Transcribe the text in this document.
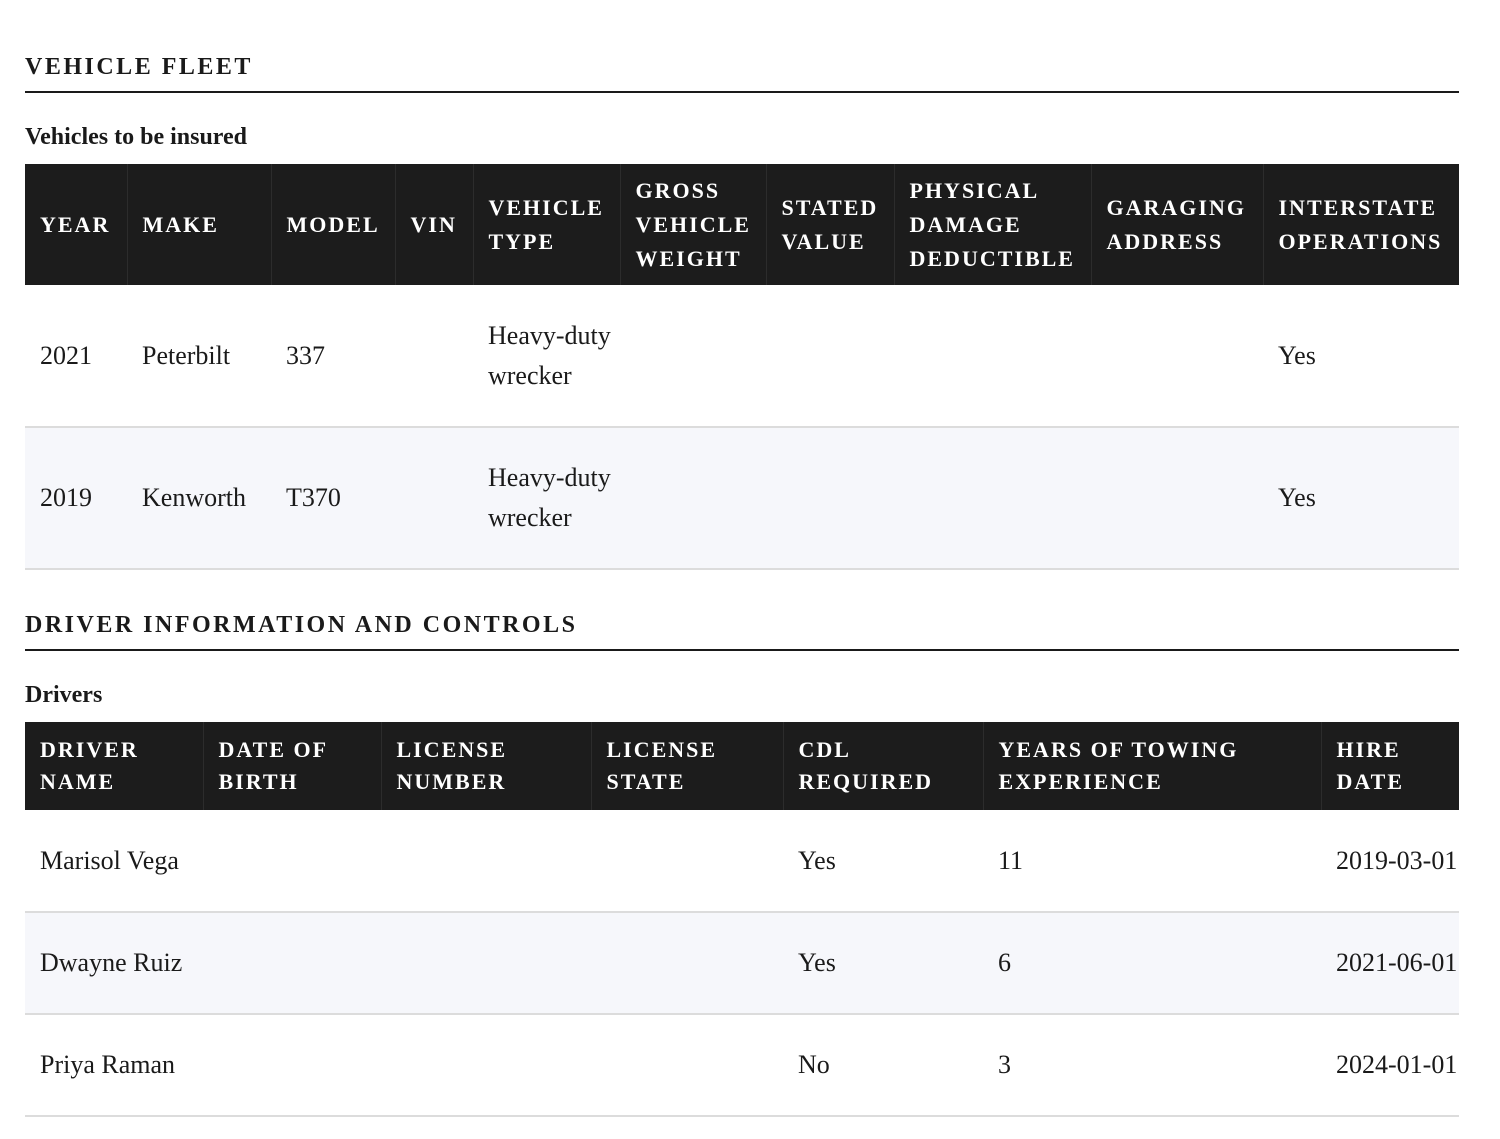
VEHICLE FLEET

Vehicles to be insured

YEAR	MAKE	MODEL	VIN	VEHICLE TYPE	GROSS VEHICLE WEIGHT	STATED VALUE	PHYSICAL DAMAGE DEDUCTIBLE	GARAGING ADDRESS	INTERSTATE OPERATIONS
2021	Peterbilt	337		Heavy-duty wrecker					Yes
2019	Kenworth	T370		Heavy-duty wrecker					Yes
DRIVER INFORMATION AND CONTROLS

Drivers

DRIVER NAME	DATE OF BIRTH	LICENSE NUMBER	LICENSE STATE	CDL REQUIRED	YEARS OF TOWING EXPERIENCE	HIRE DATE
Marisol Vega				Yes	11	2019-03-01
Dwayne Ruiz				Yes	6	2021-06-01
Priya Raman				No	3	2024-01-01
